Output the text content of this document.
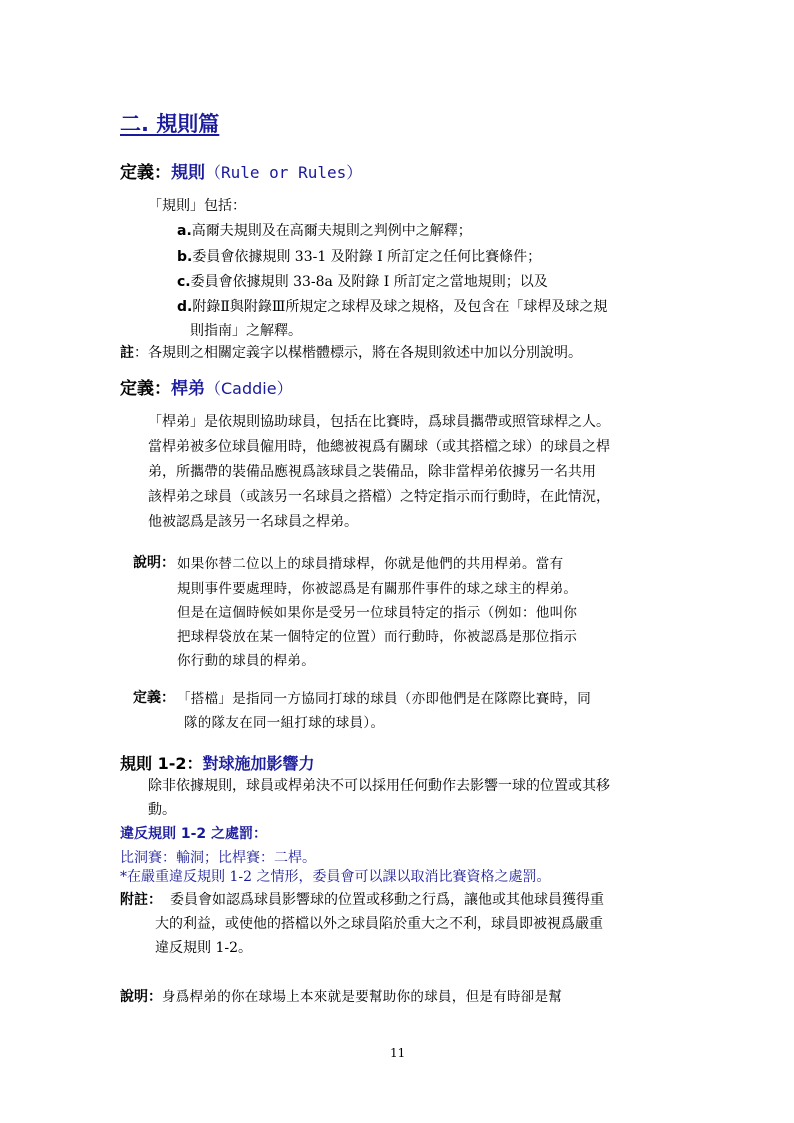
二. 規則篇
定義：規則（Rule or Rules）
「規則」包括：
a.高爾夫規則及在高爾夫規則之判例中之解釋；
b.委員會依據規則 33-1 及附錄 I 所訂定之任何比賽條件；
c.委員會依據規則 33-8a 及附錄 I 所訂定之當地規則；以及
d.附錄Ⅱ與附錄Ⅲ所規定之球桿及球之規格，及包含在「球桿及球之規
則指南」之解釋。
註：各規則之相關定義字以楳楷體標示，將在各規則敘述中加以分別說明。
定義：桿弟（Caddie）
「桿弟」是依規則協助球員，包括在比賽時，爲球員攜帶或照管球桿之人。
當桿弟被多位球員僱用時，他總被視爲有關球（或其搭檔之球）的球員之桿
弟，所攜帶的裝備品應視爲該球員之裝備品，除非當桿弟依據另一名共用
該桿弟之球員（或該另一名球員之搭檔）之特定指示而行動時，在此情況，
他被認爲是該另一名球員之桿弟。
說明： 如果你替二位以上的球員揹球桿，你就是他們的共用桿弟。當有
規則事件要處理時，你被認爲是有關那件事件的球之球主的桿弟。
但是在這個時候如果你是受另一位球員特定的指示（例如：他叫你
把球桿袋放在某一個特定的位置）而行動時，你被認爲是那位指示
你行動的球員的桿弟。
定義： 「搭檔」是指同一方協同打球的球員（亦即他們是在隊際比賽時，同
隊的隊友在同一組打球的球員）。
規則 1-2：對球施加影響力
除非依據規則，球員或桿弟決不可以採用任何動作去影響一球的位置或其移
動。
違反規則 1-2 之處罰：
比洞賽：輸洞；比桿賽：二桿。
*在嚴重違反規則 1-2 之情形，委員會可以課以取消比賽資格之處罰。
附註： 委員會如認爲球員影響球的位置或移動之行爲，讓他或其他球員獲得重
大的利益，或使他的搭檔以外之球員陷於重大之不利，球員即被視爲嚴重
違反規則 1-2。
說明：身爲桿弟的你在球場上本來就是要幫助你的球員，但是有時卻是幫
11
